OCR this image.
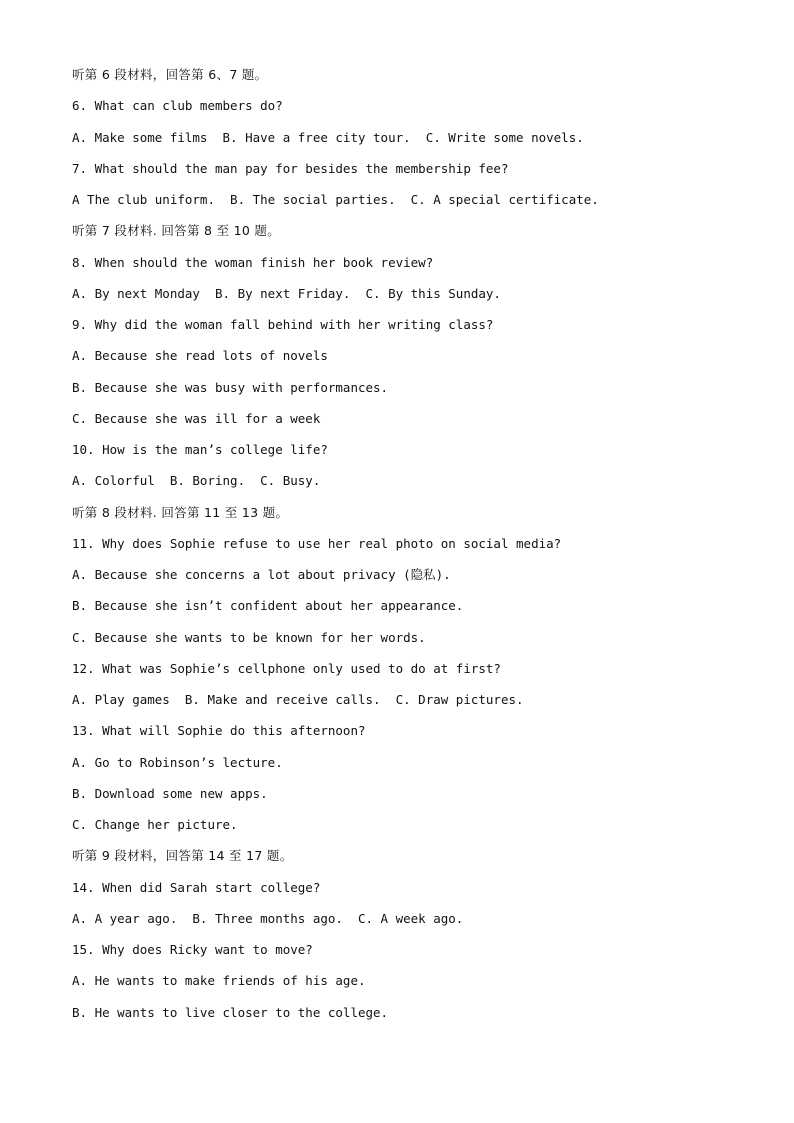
听第 6 段材料，回答第 6、7 题。
6. What can club members do?
A. Make some films  B. Have a free city tour.  C. Write some novels.
7. What should the man pay for besides the membership fee?
A The club uniform.  B. The social parties.  C. A special certificate.
听第 7 段材料. 回答第 8 至 10 题。
8. When should the woman finish her book review?
A. By next Monday  B. By next Friday.  C. By this Sunday.
9. Why did the woman fall behind with her writing class?
A. Because she read lots of novels
B. Because she was busy with performances.
C. Because she was ill for a week
10. How is the man’s college life?
A. Colorful  B. Boring.  C. Busy.
听第 8 段材料. 回答第 11 至 13 题。
11. Why does Sophie refuse to use her real photo on social media?
A. Because she concerns a lot about privacy (隐私).
B. Because she isn’t confident about her appearance.
C. Because she wants to be known for her words.
12. What was Sophie’s cellphone only used to do at first?
A. Play games  B. Make and receive calls.  C. Draw pictures.
13. What will Sophie do this afternoon?
A. Go to Robinson’s lecture.
B. Download some new apps.
C. Change her picture.
听第 9 段材料，回答第 14 至 17 题。
14. When did Sarah start college?
A. A year ago.  B. Three months ago.  C. A week ago.
15. Why does Ricky want to move?
A. He wants to make friends of his age.
B. He wants to live closer to the college.
